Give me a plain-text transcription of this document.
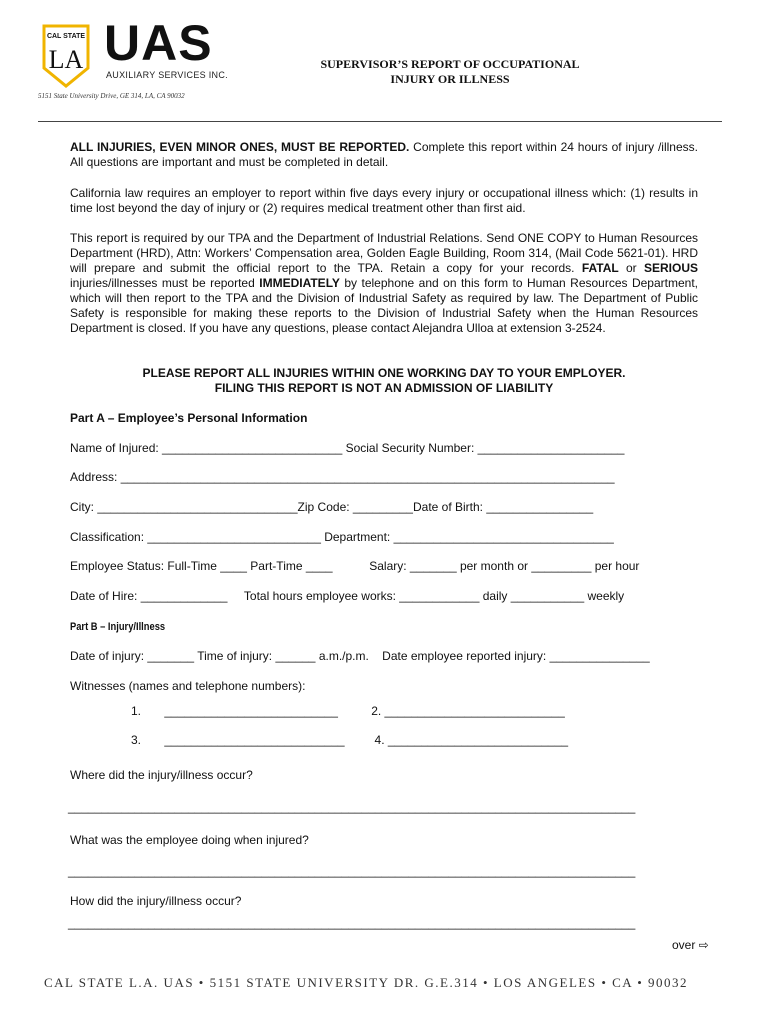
CAL STATE
LA UAS
AUXILIARY SERVICES INC.
5151 State University Drive, GE 314, LA, CA 90032
SUPERVISOR’S REPORT OF OCCUPATIONAL
INJURY OR ILLNESS
ALL INJURIES, EVEN MINOR ONES, MUST BE REPORTED. Complete this report within 24 hours of injury /illness. All questions are important and must be completed in detail.
California law requires an employer to report within five days every injury or occupational illness which: (1) results in time lost beyond the day of injury or (2) requires medical treatment other than first aid.
This report is required by our TPA and the Department of Industrial Relations. Send ONE COPY to Human Resources Department (HRD), Attn: Workers’ Compensation area, Golden Eagle Building, Room 314, (Mail Code 5621-01). HRD will prepare and submit the official report to the TPA. Retain a copy for your records. FATAL or SERIOUS injuries/illnesses must be reported IMMEDIATELY by telephone and on this form to Human Resources Department, which will then report to the TPA and the Division of Industrial Safety as required by law. The Department of Public Safety is responsible for making these reports to the Division of Industrial Safety when the Human Resources Department is closed. If you have any questions, please contact Alejandra Ulloa at extension 3-2524.
PLEASE REPORT ALL INJURIES WITHIN ONE WORKING DAY TO YOUR EMPLOYER.
FILING THIS REPORT IS NOT AN ADMISSION OF LIABILITY
Part A – Employee’s Personal Information
Name of Injured: ___________________________ Social Security Number: ______________________
Address: __________________________________________________________________________
City: ______________________________Zip Code: _________Date of Birth: ________________
Classification: __________________________ Department: _________________________________
Employee Status: Full-Time ____ Part-Time ____           Salary: _______ per month or _________ per hour
Date of Hire: _____________     Total hours employee works: ____________ daily ___________ weekly
Part B – Injury/Illness
Date of injury: _______ Time of injury: ______ a.m./p.m.    Date employee reported injury: _______________
Witnesses (names and telephone numbers):
1.       __________________________          2. ___________________________
3.       ___________________________         4. ___________________________
Where did the injury/illness occur?
_____________________________________________________________________________________
What was the employee doing when injured?
_____________________________________________________________________________________
How did the injury/illness occur?
_____________________________________________________________________________________
over ⇨
CAL STATE L.A. UAS • 5151 STATE UNIVERSITY DR. G.E.314 • LOS ANGELES • CA • 90032
